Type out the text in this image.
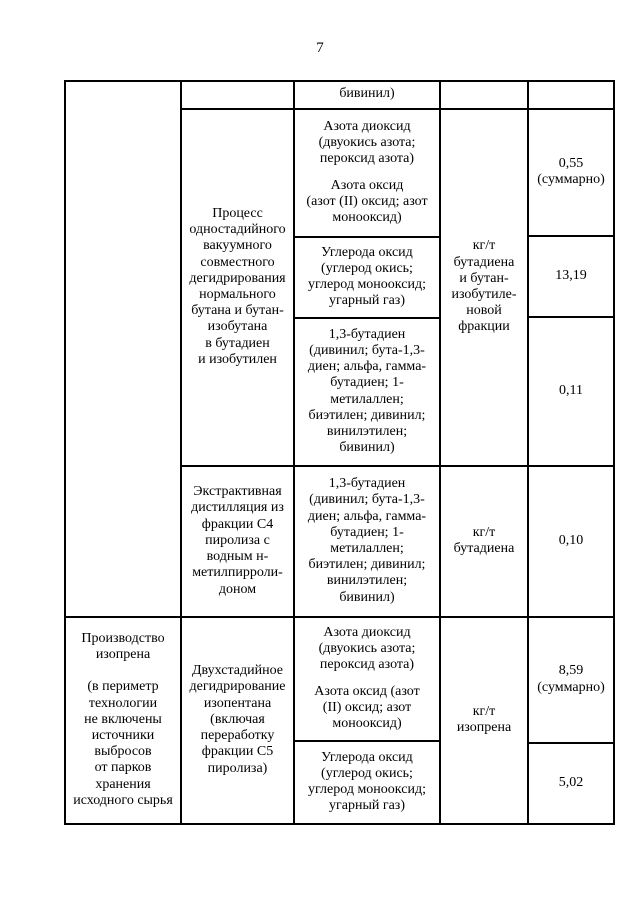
7
бивинил)
Процесс
одностадийного
вакуумного
совместного
дегидрирования
нормального
бутана и бутан-
изобутана
в бутадиен
и изобутилен
Азота диоксид
(двуокись азота;
пероксид азота)
Азота оксид
(азот (II) оксид; азот
монооксид)
кг/т
бутадиена
и бутан-
изобутиле-
новой
фракции
0,55
(суммарно)
Углерода оксид
(углерод окись;
углерод монооксид;
угарный газ)
13,19
1,3-бутадиен
(дивинил; бута-1,3-
диен; альфа, гамма-
бутадиен; 1-
метилаллен;
биэтилен; дивинил;
винилэтилен;
бивинил)
0,11
Экстрактивная
дистилляция из
фракции С4
пиролиза с
водным н-
метилпирроли-
доном
1,3-бутадиен
(дивинил; бута-1,3-
диен; альфа, гамма-
бутадиен; 1-
метилаллен;
биэтилен; дивинил;
винилэтилен;
бивинил)
кг/т
бутадиена
0,10
Производство
изопрена
(в периметр
технологии
не включены
источники
выбросов
от парков
хранения
исходного сырья
Двухстадийное
дегидрирование
изопентана
(включая
переработку
фракции С5
пиролиза)
Азота диоксид
(двуокись азота;
пероксид азота)
Азота оксид (азот
(II) оксид; азот
монооксид)
кг/т
изопрена
8,59
(суммарно)
Углерода оксид
(углерод окись;
углерод монооксид;
угарный газ)
5,02
